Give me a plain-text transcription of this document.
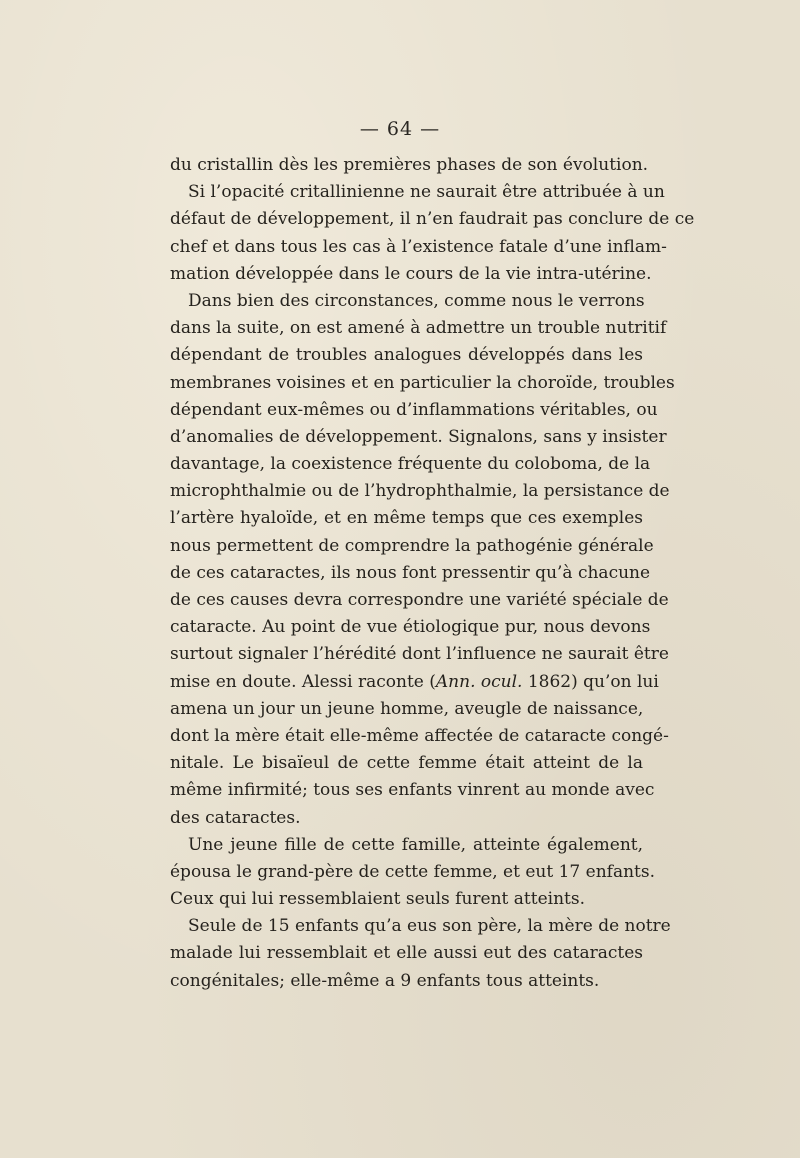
— 64 —
du cristallin dès les premières phases de son évolution.
Si l’opacité critallinienne ne saurait être attribuée à un
défaut de développement, il n’en faudrait pas conclure de ce
chef et dans tous les cas à l’existence fatale d’une inflam-
mation développée dans le cours de la vie intra-utérine.
Dans bien des circonstances, comme nous le verrons
dans la suite, on est amené à admettre un trouble nutritif
dépendant de troubles analogues développés dans les
membranes voisines et en particulier la choroïde, troubles
dépendant eux-mêmes ou d’inflammations véritables, ou
d’anomalies de développement. Signalons, sans y insister
davantage, la coexistence fréquente du coloboma, de la
microphthalmie ou de l’hydrophthalmie, la persistance de
l’artère hyaloïde, et en même temps que ces exemples
nous permettent de comprendre la pathogénie générale
de ces cataractes, ils nous font pressentir qu’à chacune
de ces causes devra correspondre une variété spéciale de
cataracte. Au point de vue étiologique pur, nous devons
surtout signaler l’hérédité dont l’influence ne saurait être
mise en doute. Alessi raconte (Ann. ocul. 1862) qu’on lui
amena un jour un jeune homme, aveugle de naissance,
dont la mère était elle-même affectée de cataracte congé-
nitale. Le bisaïeul de cette femme était atteint de la
même infirmité; tous ses enfants vinrent au monde avec
des cataractes.
Une jeune fille de cette famille, atteinte également,
épousa le grand-père de cette femme, et eut 17 enfants.
Ceux qui lui ressemblaient seuls furent atteints.
Seule de 15 enfants qu’a eus son père, la mère de notre
malade lui ressemblait et elle aussi eut des cataractes
congénitales; elle-même a 9 enfants tous atteints.
